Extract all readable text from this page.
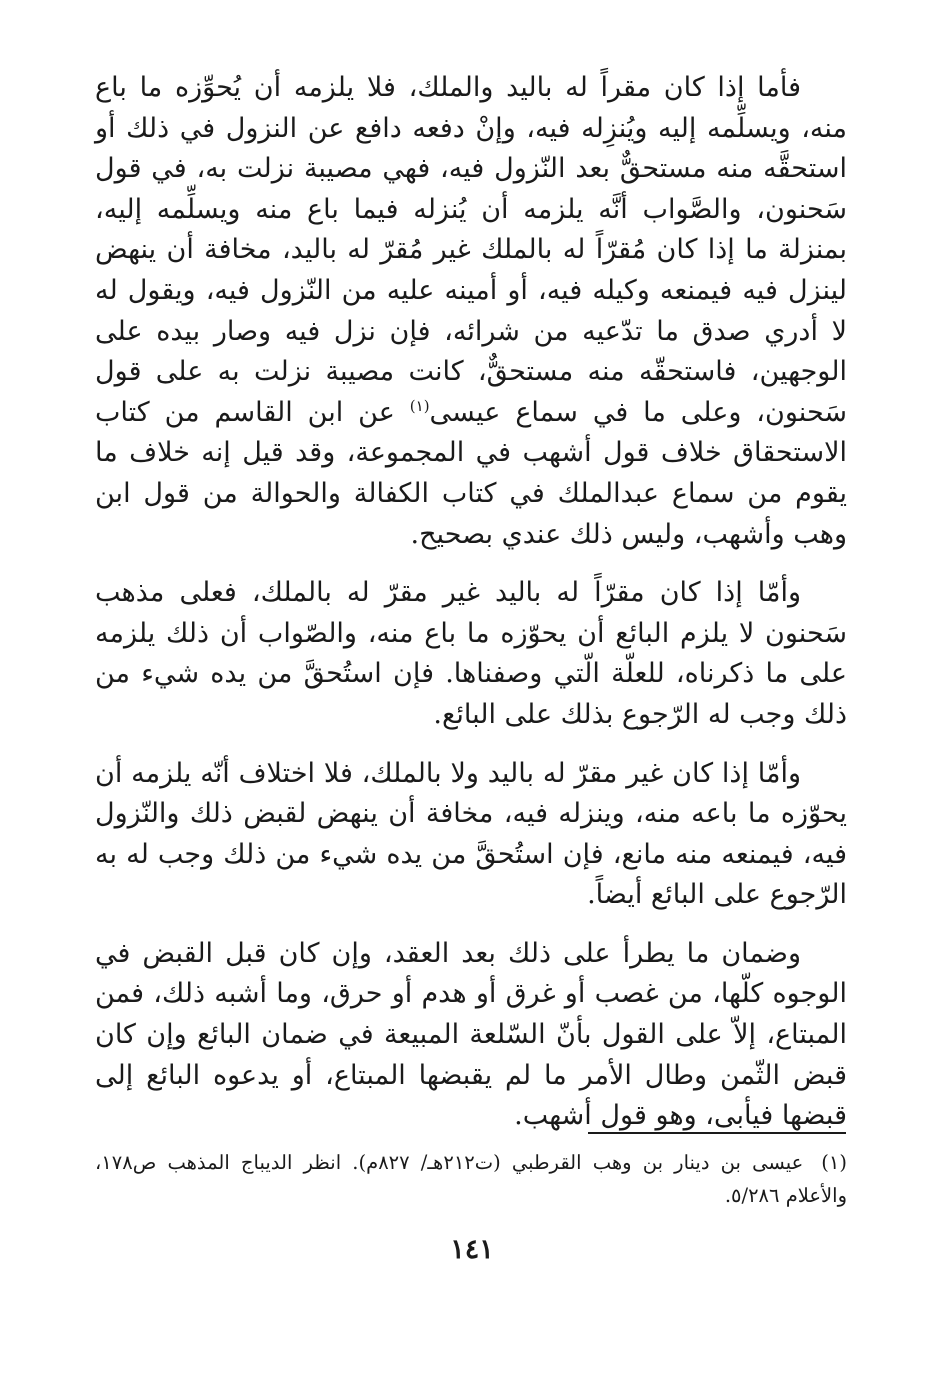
فأما إذا كان مقراً له باليد والملك، فلا يلزمه أن يُحوِّزه ما باع منه، ويسلِّمه إليه ويُنزِله فيه، وإنْ دفعه دافع عن النزول في ذلك أو استحقَّه منه مستحقٌّ بعد النّزول فيه، فهي مصيبة نزلت به، في قول سَحنون، والصَّواب أنَّه يلزمه أن يُنزله فيما باع منه ويسلِّمه إليه، بمنزلة ما إذا كان مُقرّاً له بالملك غير مُقرّ له باليد، مخافة أن ينهض لينزل فيه فيمنعه وكيله فيه، أو أمينه عليه من النّزول فيه، ويقول له لا أدري صدق ما تدّعيه من شرائه، فإن نزل فيه وصار بيده على الوجهين، فاستحقّه منه مستحقٌّ، كانت مصيبة نزلت به على قول سَحنون، وعلى ما في سماع عيسى$^{(١)}$ عن ابن القاسم من كتاب الاستحقاق خلاف قول أشهب في المجموعة، وقد قيل إنه خلاف ما يقوم من سماع عبدالملك في كتاب الكفالة والحوالة من قول ابن وهب وأشهب، وليس ذلك عندي بصحيح.

وأمّا إذا كان مقرّاً له باليد غير مقرّ له بالملك، فعلى مذهب سَحنون لا يلزم البائع أن يحوّزه ما باع منه، والصّواب أن ذلك يلزمه على ما ذكرناه، للعلّة الّتي وصفناها. فإن استُحقَّ من يده شيء من ذلك وجب له الرّجوع بذلك على البائع.

وأمّا إذا كان غير مقرّ له باليد ولا بالملك، فلا اختلاف أنّه يلزمه أن يحوّزه ما باعه منه، وينزله فيه، مخافة أن ينهض لقبض ذلك والنّزول فيه، فيمنعه منه مانع، فإن استُحقَّ من يده شيء من ذلك وجب له به الرّجوع على البائع أيضاً.

وضمان ما يطرأ على ذلك بعد العقد، وإن كان قبل القبض في الوجوه كلّها، من غصب أو غرق أو هدم أو حرق، وما أشبه ذلك، فمن المبتاع، إلاّ على القول بأنّ السّلعة المبيعة في ضمان البائع وإن كان قبض الثّمن وطال الأمر ما لم يقبضها المبتاع، أو يدعوه البائع إلى قبضها فيأبى، وهو قول أشهب.

(١)عيسى بن دينار بن وهب القرطبي (ت٢١٢هـ/ ٨٢٧م). انظر الديباج المذهب ص١٧٨، والأعلام ٥/٢٨٦.
١٤١
